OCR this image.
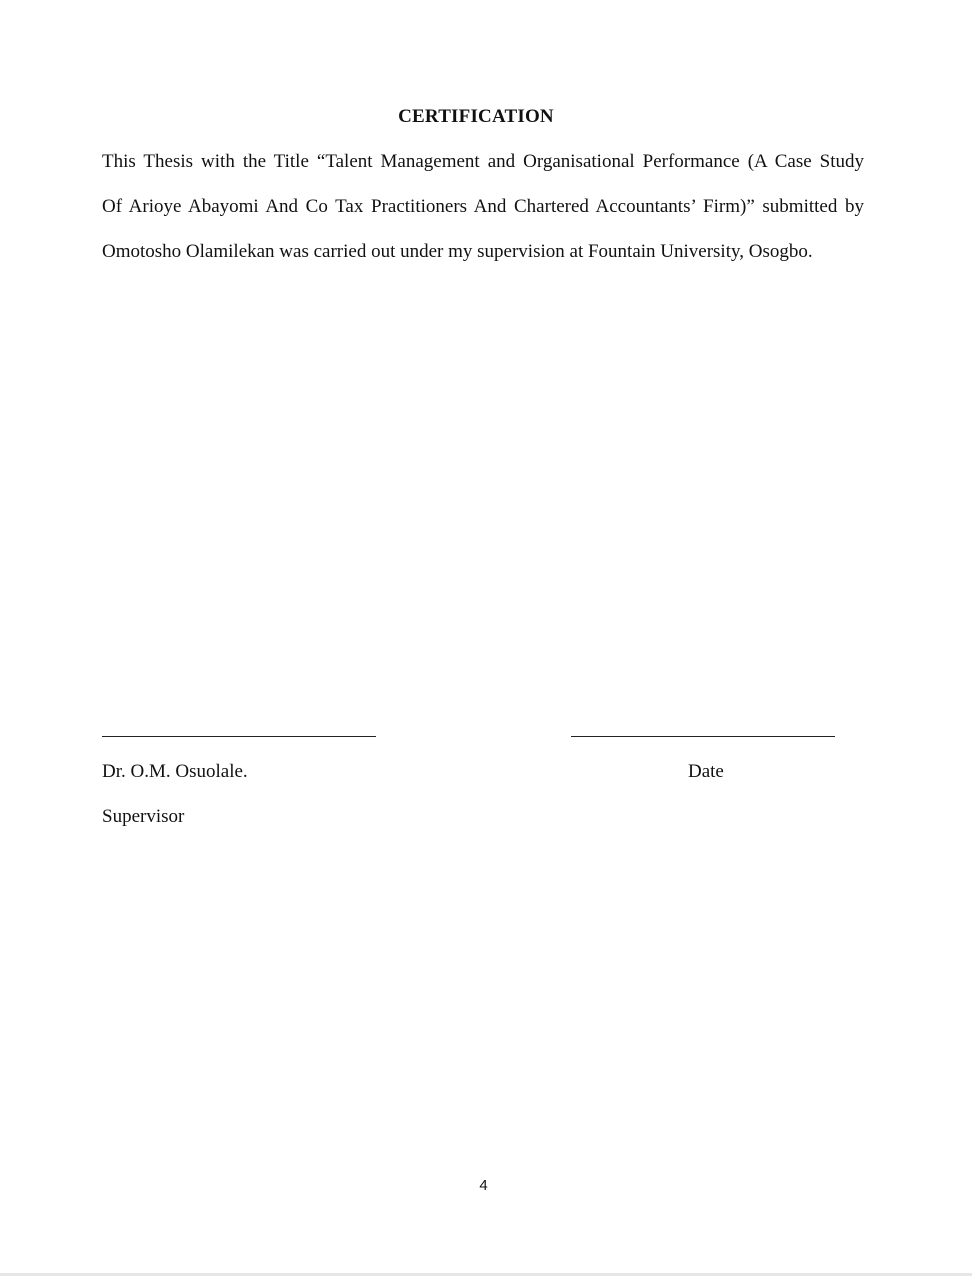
CERTIFICATION
This Thesis with the Title “Talent Management and Organisational Performance (A Case Study
Of Arioye Abayomi And Co Tax Practitioners And Chartered Accountants’ Firm)” submitted by
Omotosho Olamilekan was carried out under my supervision at Fountain University, Osogbo.
Dr. O.M. Osuolale.	Date
Supervisor
4
